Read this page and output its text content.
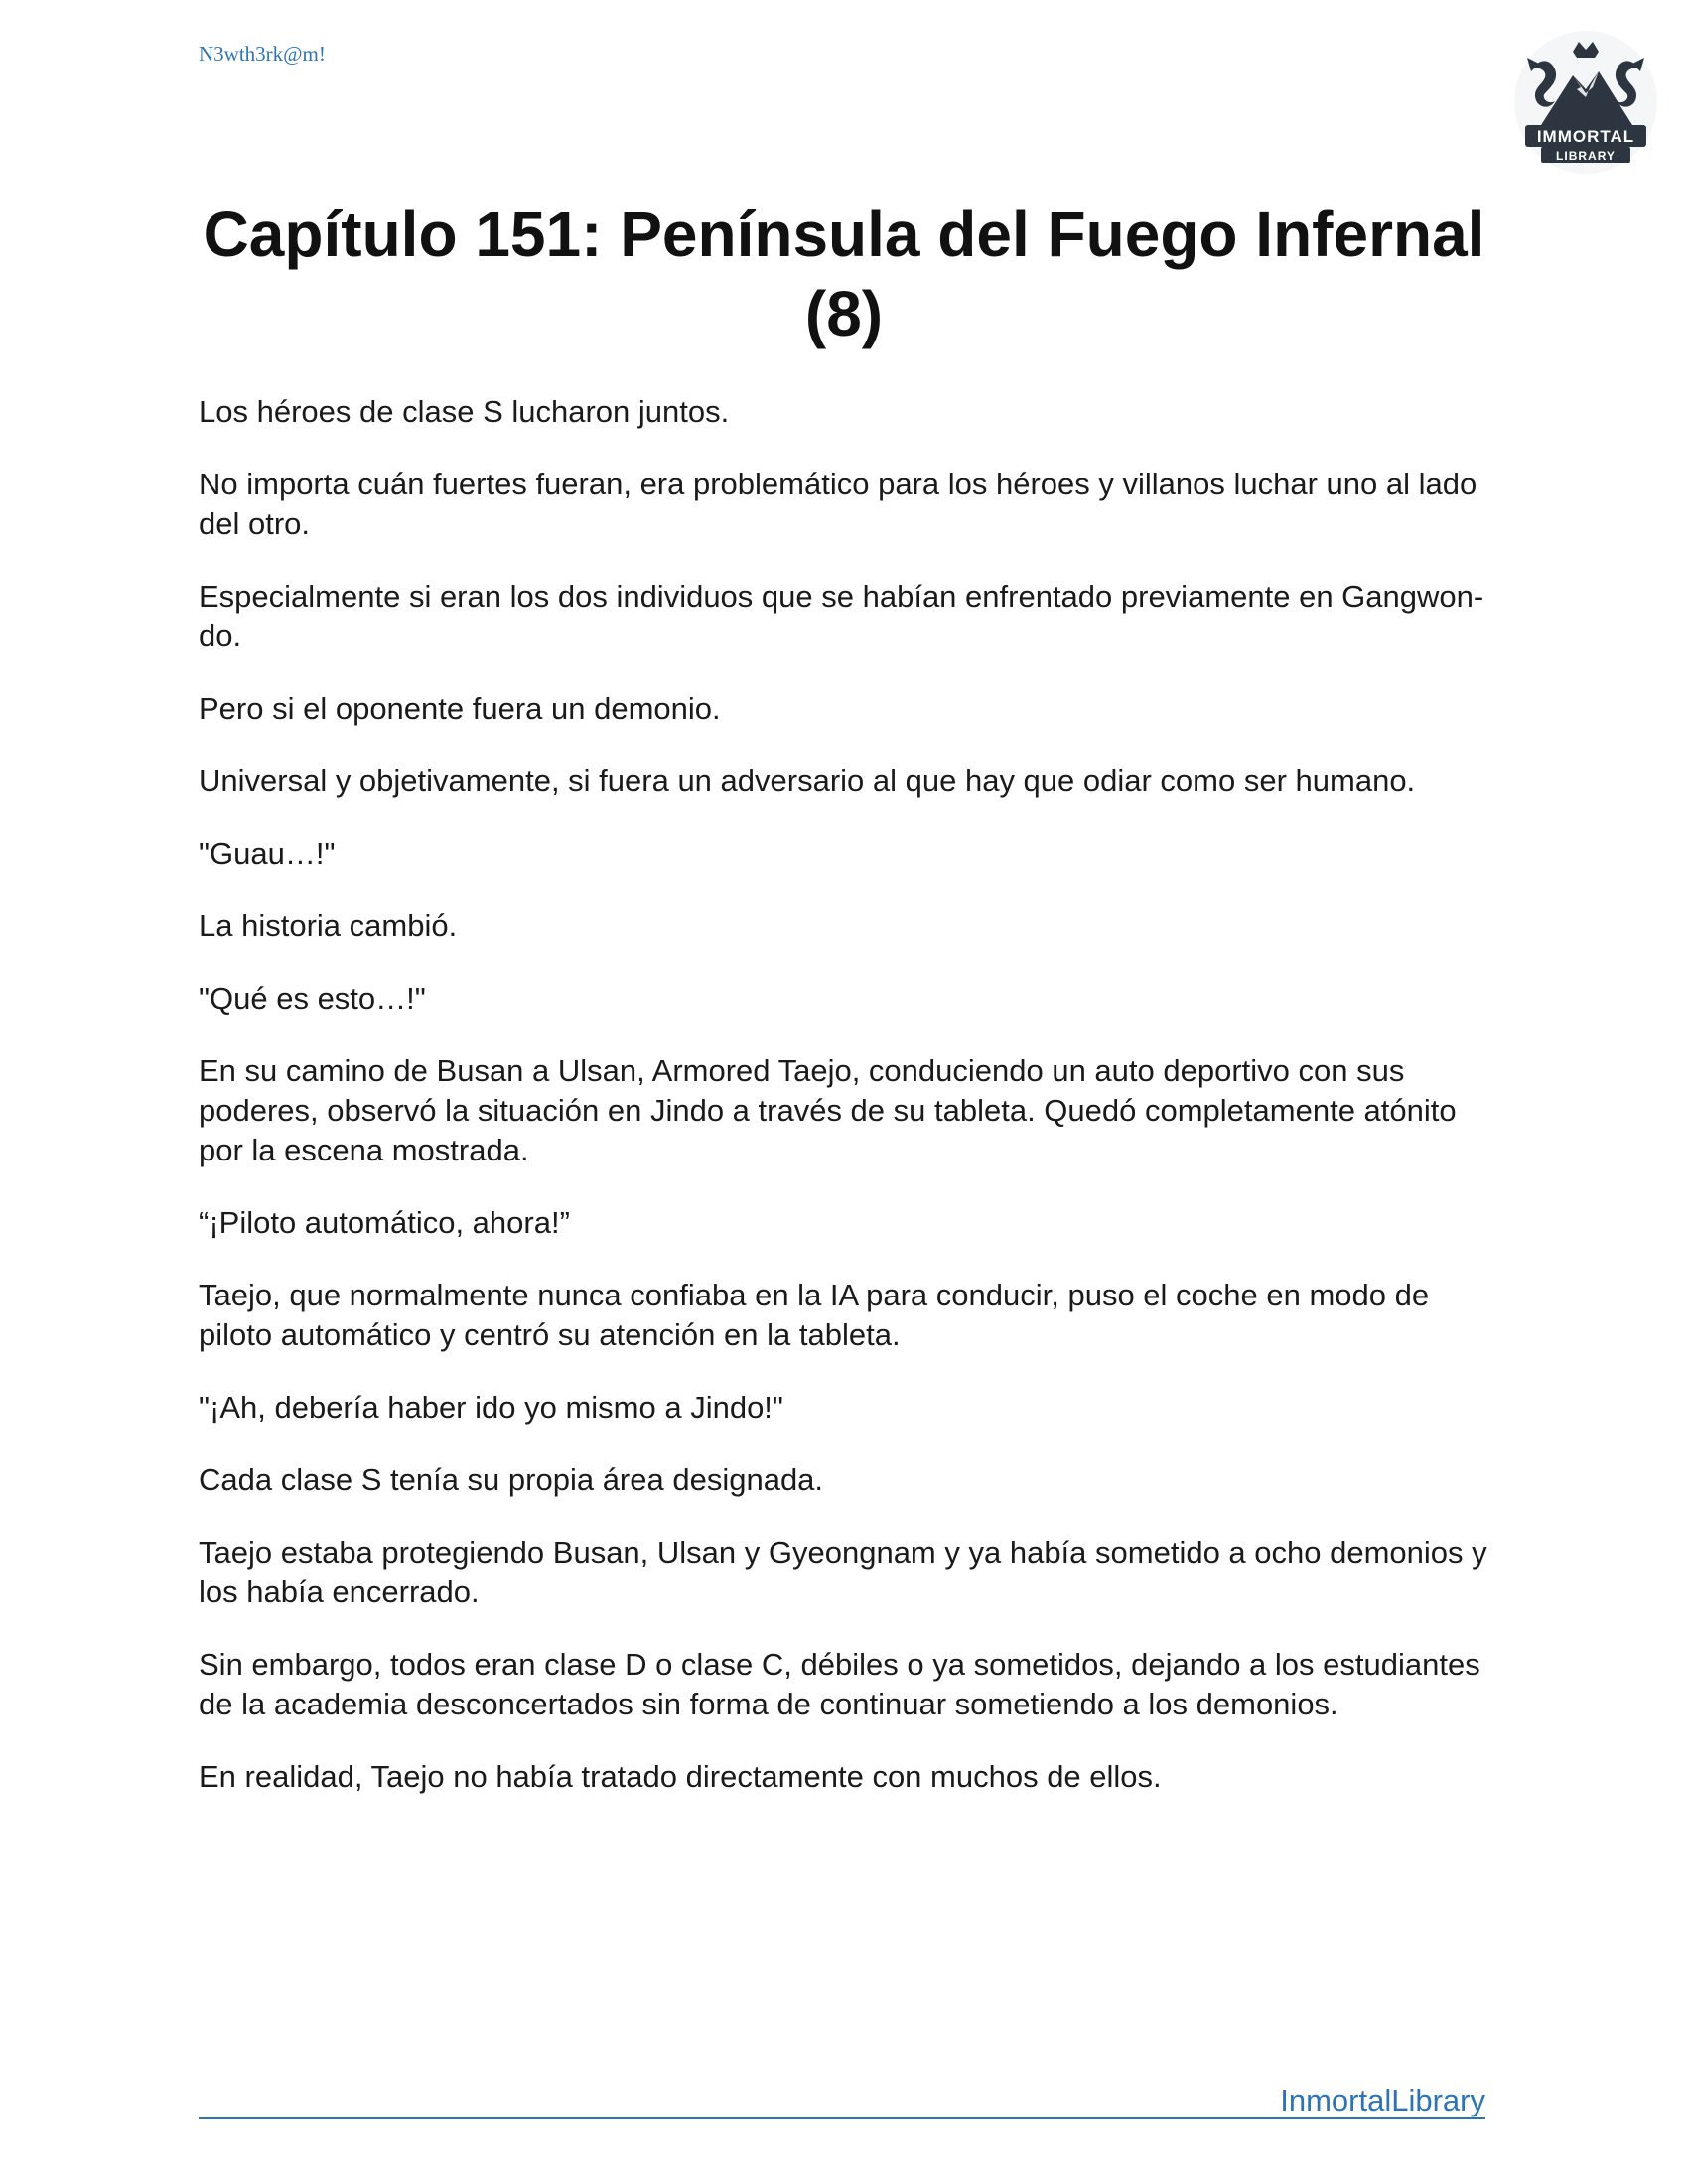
N3wth3rk@m!
IMMORTAL
LIBRARY
Capítulo 151: Península del Fuego Infernal (8)

Los héroes de clase S lucharon juntos.

No importa cuán fuertes fueran, era problemático para los héroes y villanos luchar uno al lado del otro.

Especialmente si eran los dos individuos que se habían enfrentado previamente en Gangwon-do.

Pero si el oponente fuera un demonio.

Universal y objetivamente, si fuera un adversario al que hay que odiar como ser humano.

"Guau…!"

La historia cambió.

"Qué es esto…!"

En su camino de Busan a Ulsan, Armored Taejo, conduciendo un auto deportivo con sus poderes, observó la situación en Jindo a través de su tableta. Quedó completamente atónito por la escena mostrada.

“¡Piloto automático, ahora!”

Taejo, que normalmente nunca confiaba en la IA para conducir, puso el coche en modo de piloto automático y centró su atención en la tableta.

"¡Ah, debería haber ido yo mismo a Jindo!"

Cada clase S tenía su propia área designada.

Taejo estaba protegiendo Busan, Ulsan y Gyeongnam y ya había sometido a ocho demonios y los había encerrado.

Sin embargo, todos eran clase D o clase C, débiles o ya sometidos, dejando a los estudiantes de la academia desconcertados sin forma de continuar sometiendo a los demonios.

En realidad, Taejo no había tratado directamente con muchos de ellos.

InmortalLibrary
